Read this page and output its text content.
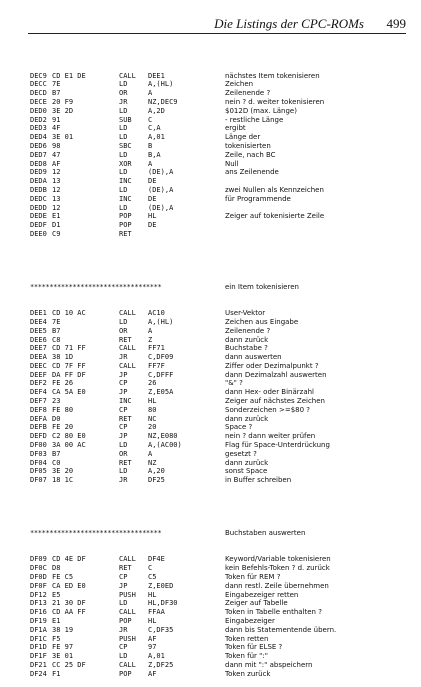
Die Listings der CPC-ROMs 499

DEC9 CD E1 DE	CALL DEE1	nächstes Item tokenisieren
DECC 7E	LD	A,(HL)	Zeichen
DECD B7	OR	A	Zeilenende ?
DECE 20 F9	JR	NZ,DEC9	nein ? d. weiter tokenisieren
DED0 3E 2D	LD	A,2D	$012D (max. Länge)
DED2 91	SUB C	- restliche Länge
DED3 4F	LD	C,A	ergibt
DED4 3E 01	LD	A,01	Länge der
DED6 98	SBC B	tokenisierten
DED7 47	LD	B,A	Zeile, nach BC
DED8 AF	XOR A	Null
DED9 12	LD	(DE),A	ans Zeilenende
DEDA 13	INC DE
DEDB 12	LD	(DE),A	zwei Nullen als Kennzeichen
DEDC 13	INC DE	für Programmende
DEDD 12	LD	(DE),A
DEDE E1	POP HL	Zeiger auf tokenisierte Zeile
DEDF D1	POP DE
DEE0 C9	RET

**********************************

	ein Item tokenisieren

DEE1 CD 10 AC	CALL AC10	User-Vektor
DEE4 7E	LD	A,(HL)	Zeichen aus Eingabe
DEE5 B7	OR	A	Zeilenende ?
DEE6 C8	RET Z	dann zurück
DEE7 CD 71 FF	CALL FF71	Buchstabe ?
DEEA 38 1D	JR	C,DF09	dann auswerten
DEEC CD 7F FF	CALL FF7F	Ziffer oder Dezimalpunkt ?
DEEF DA FF DF	JP	C,DFFF	dann Dezimalzahl auswerten
DEF2 FE 26	CP	26	"&" ?
DEF4 CA 5A E0	JP	Z,E05A	dann Hex- oder Binärzahl
DEF7 23	INC HL	Zeiger auf nächstes Zeichen
DEF8 FE 80	CP	80	Sonderzeichen >=$80 ?
DEFA D0	RET NC	dann zurück
DEFB FE 20	CP	20	Space ?
DEFD C2 80 E0	JP	NZ,E080	nein ? dann weiter prüfen
DF00 3A 00 AC	LD	A,(AC00)	Flag für Space-Unterdrückung
DF03 B7	OR	A	gesetzt ?
DF04 C0	RET NZ	dann zurück
DF05 3E 20	LD	A,20	sonst Space
DF07 18 1C	JR	DF25	in Buffer schreiben

**********************************

	Buchstaben auswerten

DF09 CD 4E DF	CALL DF4E	Keyword/Variable tokenisieren
DF0C D8	RET C	kein Befehls-Token ? d. zurück
DF0D FE C5	CP	C5	Token für REM ?
DF0F CA ED E0	JP	Z,E0ED	dann restl. Zeile übernehmen
DF12 E5	PUSH HL	Eingabezeiger retten
DF13 21 30 DF	LD	HL,DF30	Zeiger auf Tabelle
DF16 CD AA FF	CALL FFAA	Token in Tabelle enthalten ?
DF19 E1	POP HL	Eingabezeiger
DF1A 38 19	JR	C,DF35	dann bis Statementende übern.
DF1C F5	PUSH AF	Token retten
DF1D FE 97	CP	97	Token für ELSE ?
DF1F 3E 01	LD	A,01	Token für ":"
DF21 CC 25 DF	CALL Z,DF25	dann mit ":" abspeichern
DF24 F1	POP AF	Token zurück
